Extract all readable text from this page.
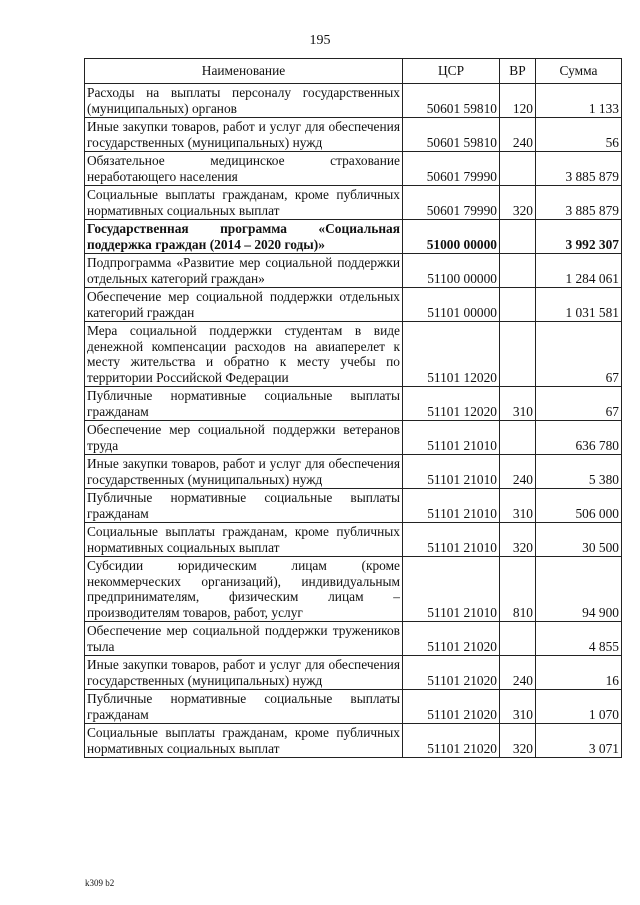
195
Наименование	ЦСР	ВР	Сумма
Расходы на выплаты персоналу государственных (муниципальных) органов	50601 59810	120	1 133
Иные закупки товаров, работ и услуг для обеспечения государственных (муниципальных) нужд	50601 59810	240	56
Обязательное медицинское страхование неработающего населения	50601 79990		3 885 879
Социальные выплаты гражданам, кроме публичных нормативных социальных выплат	50601 79990	320	3 885 879
Государственная программа «Социальная поддержка граждан (2014 – 2020 годы)»	51000 00000		3 992 307
Подпрограмма «Развитие мер социальной поддержки отдельных категорий граждан»	51100 00000		1 284 061
Обеспечение мер социальной поддержки отдельных категорий граждан	51101 00000		1 031 581
Мера социальной поддержки студентам в виде денежной компенсации расходов на авиаперелет к месту жительства и обратно к месту учебы по территории Российской Федерации	51101 12020		67
Публичные нормативные социальные выплаты гражданам	51101 12020	310	67
Обеспечение мер социальной поддержки ветеранов труда	51101 21010		636 780
Иные закупки товаров, работ и услуг для обеспечения государственных (муниципальных) нужд	51101 21010	240	5 380
Публичные нормативные социальные выплаты гражданам	51101 21010	310	506 000
Социальные выплаты гражданам, кроме публичных нормативных социальных выплат	51101 21010	320	30 500
Субсидии юридическим лицам (кроме некоммерческих организаций), индивидуальным предпринимателям, физическим лицам – производителям товаров, работ, услуг	51101 21010	810	94 900
Обеспечение мер социальной поддержки тружеников тыла	51101 21020		4 855
Иные закупки товаров, работ и услуг для обеспечения государственных (муниципальных) нужд	51101 21020	240	16
Публичные нормативные социальные выплаты гражданам	51101 21020	310	1 070
Социальные выплаты гражданам, кроме публичных нормативных социальных выплат	51101 21020	320	3 071
k309 b2
